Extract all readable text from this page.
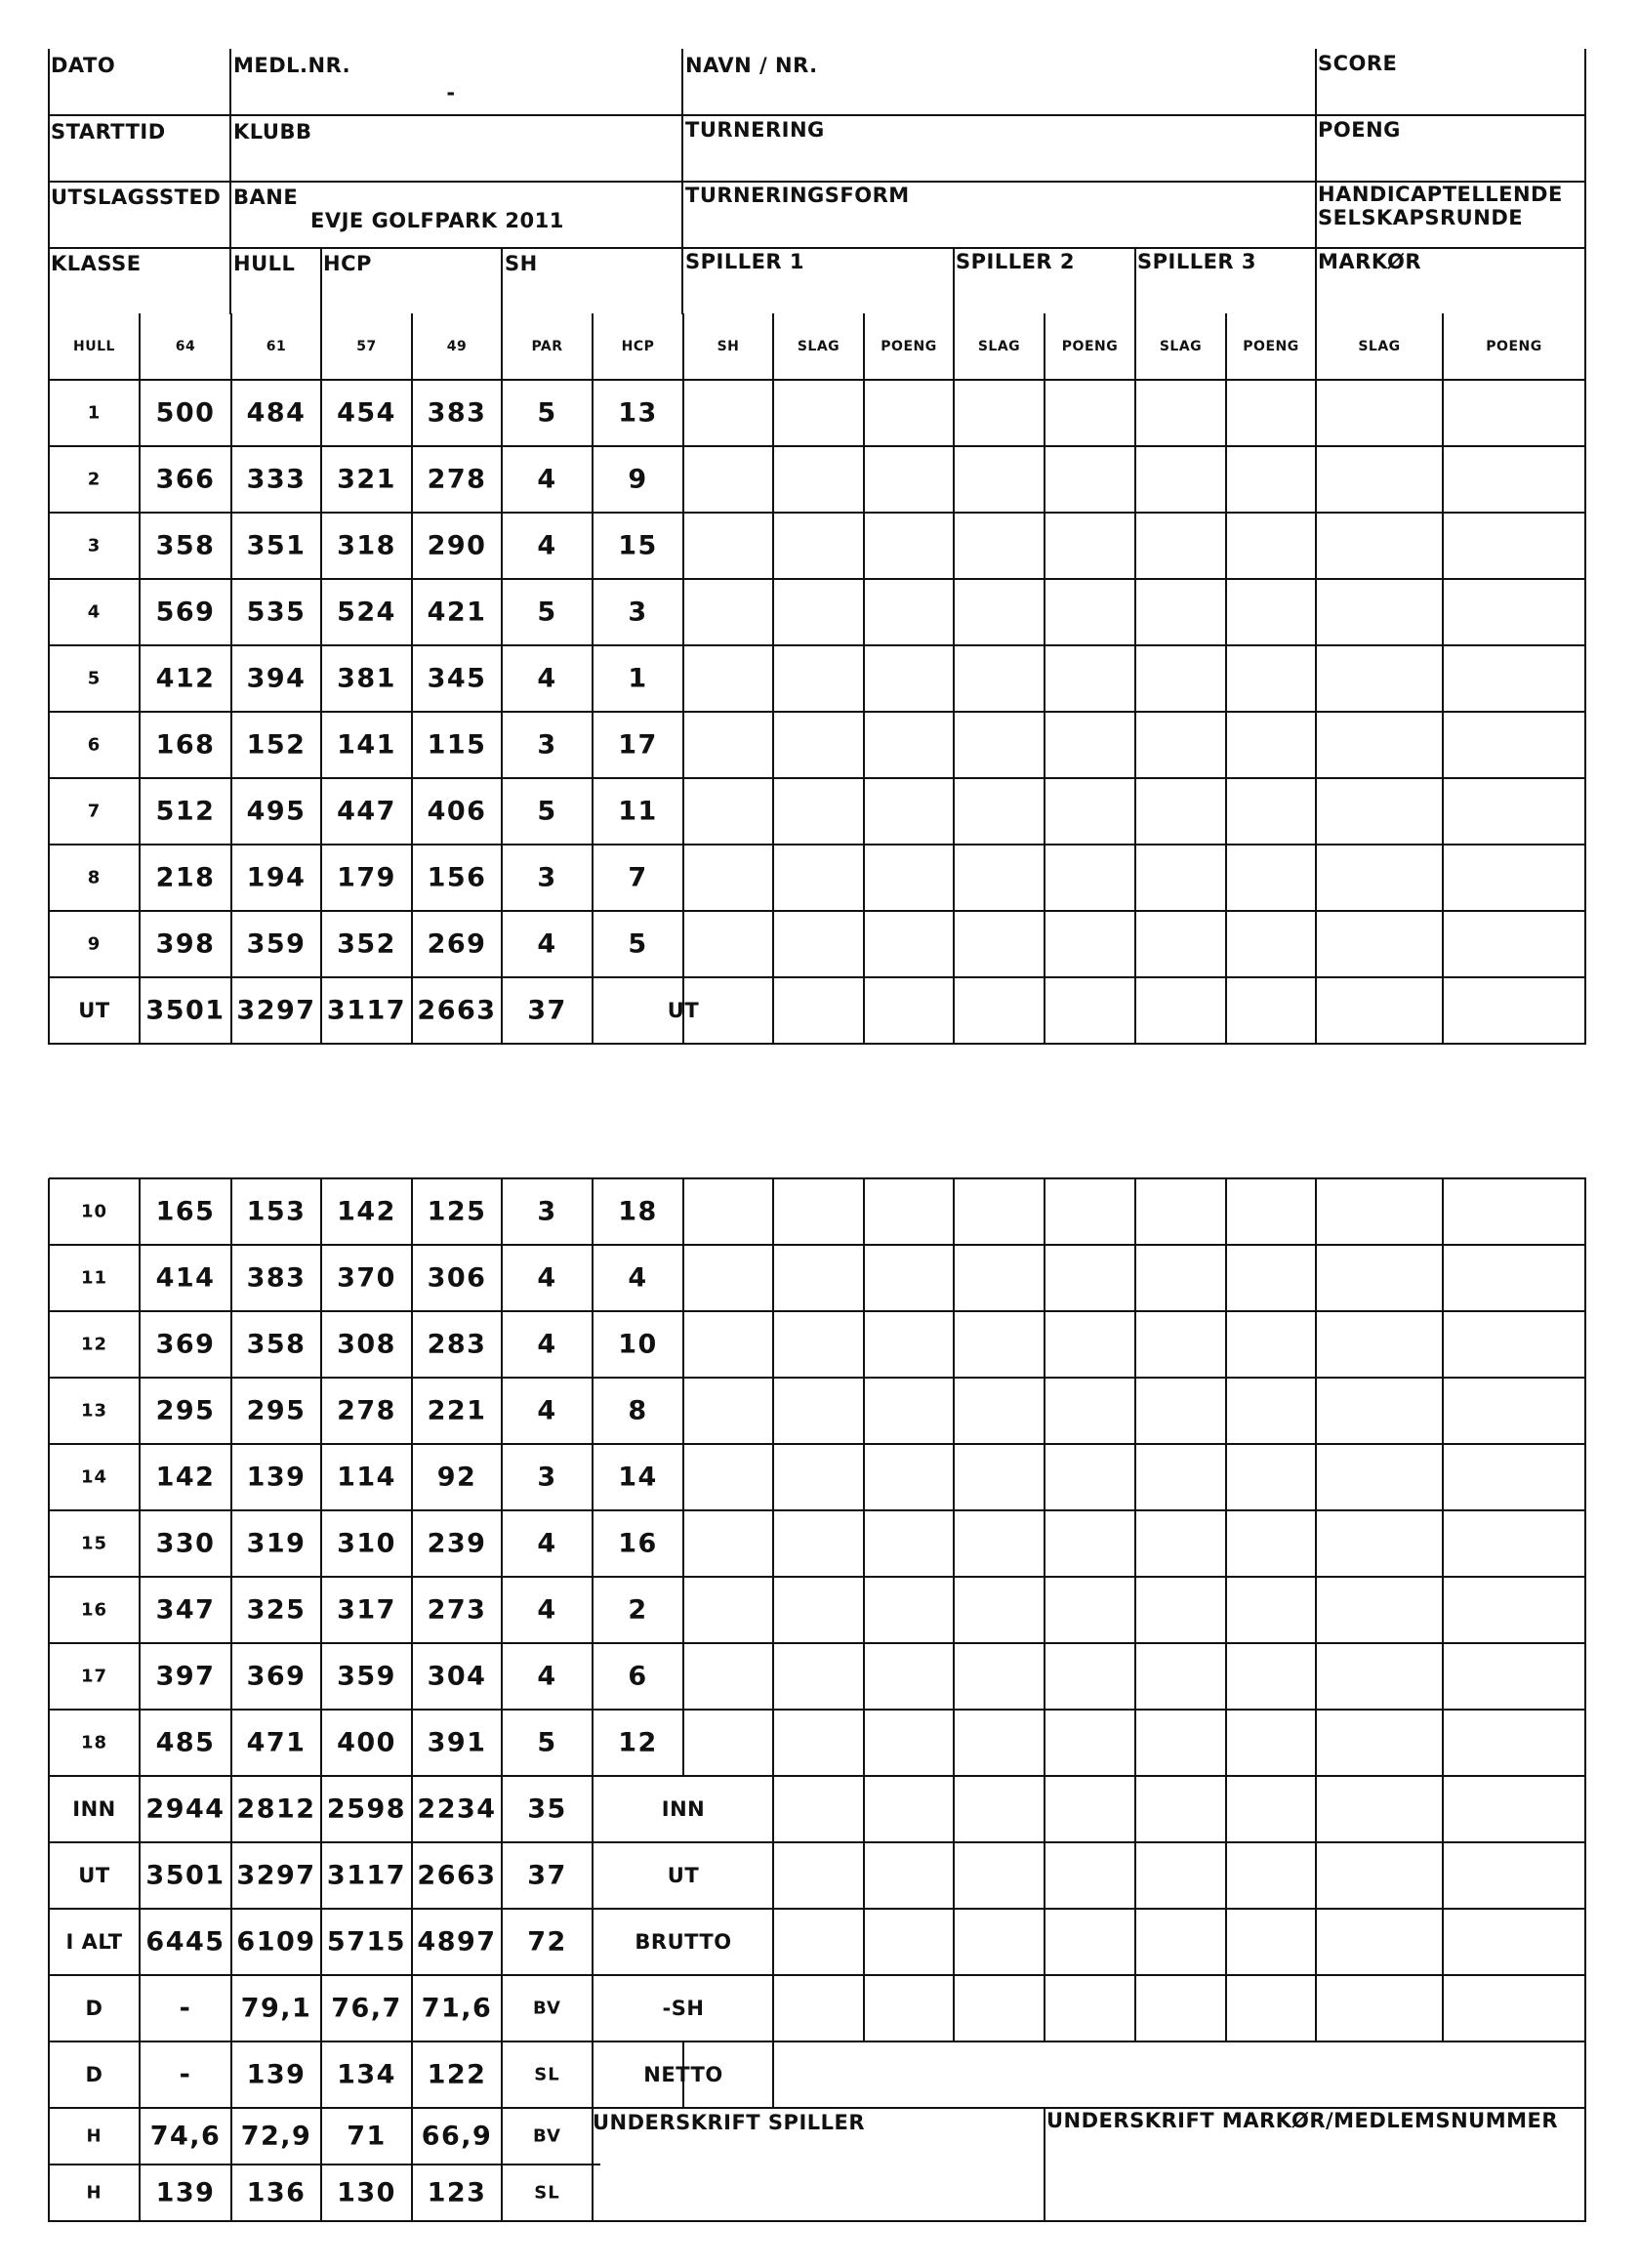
DATO	MEDL.NR.
-
NAVN / NR.	SCORE
STARTTID	KLUBB	TURNERING	POENG
UTSLAGSSTED BANE
EVJE GOLFPARK 2011
TURNERINGSFORM	HANDICAPTELLENDE
SELSKAPSRUNDE
KLASSE	HULL HCP	SH	SPILLER 1	SPILLER 2	SPILLER 3	MARKØR
HULL	64	61	57	49	PAR	HCP	SH	SLAG	POENG	SLAG	POENG	SLAG	POENG	SLAG	POENG
1 500 484 454 383 5 13
2 366 333 321 278 4	9
3 358 351 318 290 4 15
4 569 535 524 421 5	3
5 412 394 381 345 4	1
6 168 152 141 115 3 17
7 512 495 447 406 5 11
8 218 194 179 156 3	7
9 398 359 352 269 4	5
UT 3501 3297 3117 2663 37	UT
10 165 153 142 125 3 18
11 414 383 370 306 4	4
12 369 358 308 283 4 10
13 295 295 278 221 4	8
14 142 139 114 92 3 14
15 330 319 310 239 4 16
16 347 325 317 273 4	2
17 397 369 359 304 4	6
18 485 471 400 391 5 12
INN 2944 2812 2598 2234 35	INN
UT 3501 3297 3117 2663 37	UT
I ALT 6445 6109 5715 4897 72	BRUTTO
D	- 79,1 76,7 71,6 BV	-SH
D	- 139 134 122	SL	NETTO
H 74,6 72,9 71 66,9 BV
H 139 136 130 123	SL
UNDERSKRIFT SPILLER	UNDERSKRIFT MARKØR/MEDLEMSNUMMER
